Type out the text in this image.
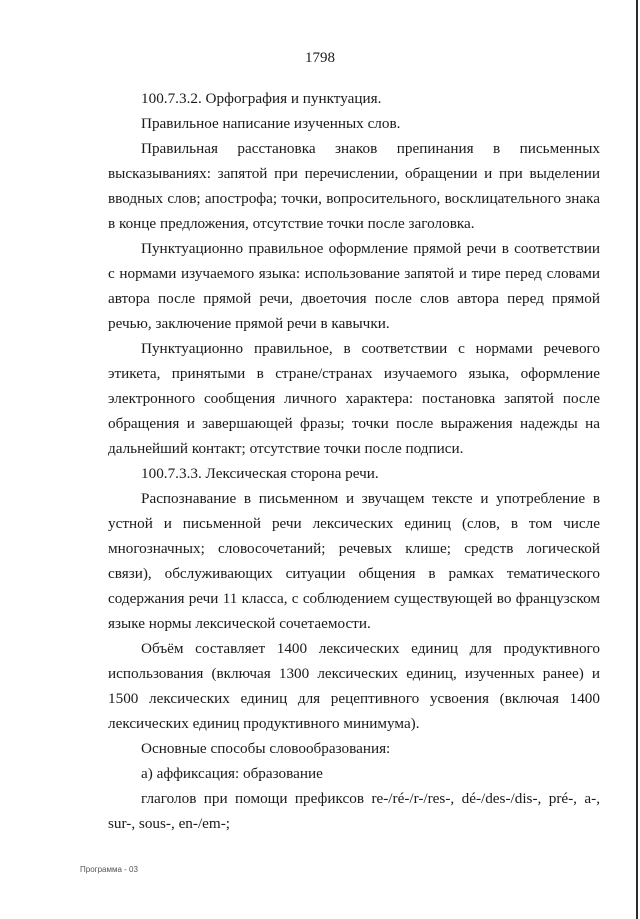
1798

100.7.3.2. Орфография и пунктуация.

Правильное написание изученных слов.

Правильная расстановка знаков препинания в письменных высказываниях: запятой при перечислении, обращении и при выделении вводных слов; апострофа; точки, вопросительного, восклицательного знака в конце предложения, отсутствие точки после заголовка.

Пунктуационно правильное оформление прямой речи в соответствии с нормами изучаемого языка: использование запятой и тире перед словами автора после прямой речи, двоеточия после слов автора перед прямой речью, заключение прямой речи в кавычки.

Пунктуационно правильное, в соответствии с нормами речевого этикета, принятыми в стране/странах изучаемого языка, оформление электронного сообщения личного характера: постановка запятой после обращения и завершающей фразы; точки после выражения надежды на дальнейший контакт; отсутствие точки после подписи.

100.7.3.3. Лексическая сторона речи.

Распознавание в письменном и звучащем тексте и употребление в устной и письменной речи лексических единиц (слов, в том числе многозначных; словосочетаний; речевых клише; средств логической связи), обслуживающих ситуации общения в рамках тематического содержания речи 11 класса, с соблюдением существующей во французском языке нормы лексической сочетаемости.

Объём составляет 1400 лексических единиц для продуктивного использования (включая 1300 лексических единиц, изученных ранее) и 1500 лексических единиц для рецептивного усвоения (включая 1400 лексических единиц продуктивного минимума).

Основные способы словообразования:

а) аффиксация: образование

глаголов при помощи префиксов re-/ré-/r-/res-, dé-/des-/dis-, pré-, a-, sur-, sous-, en-/em-;

Программа - 03
